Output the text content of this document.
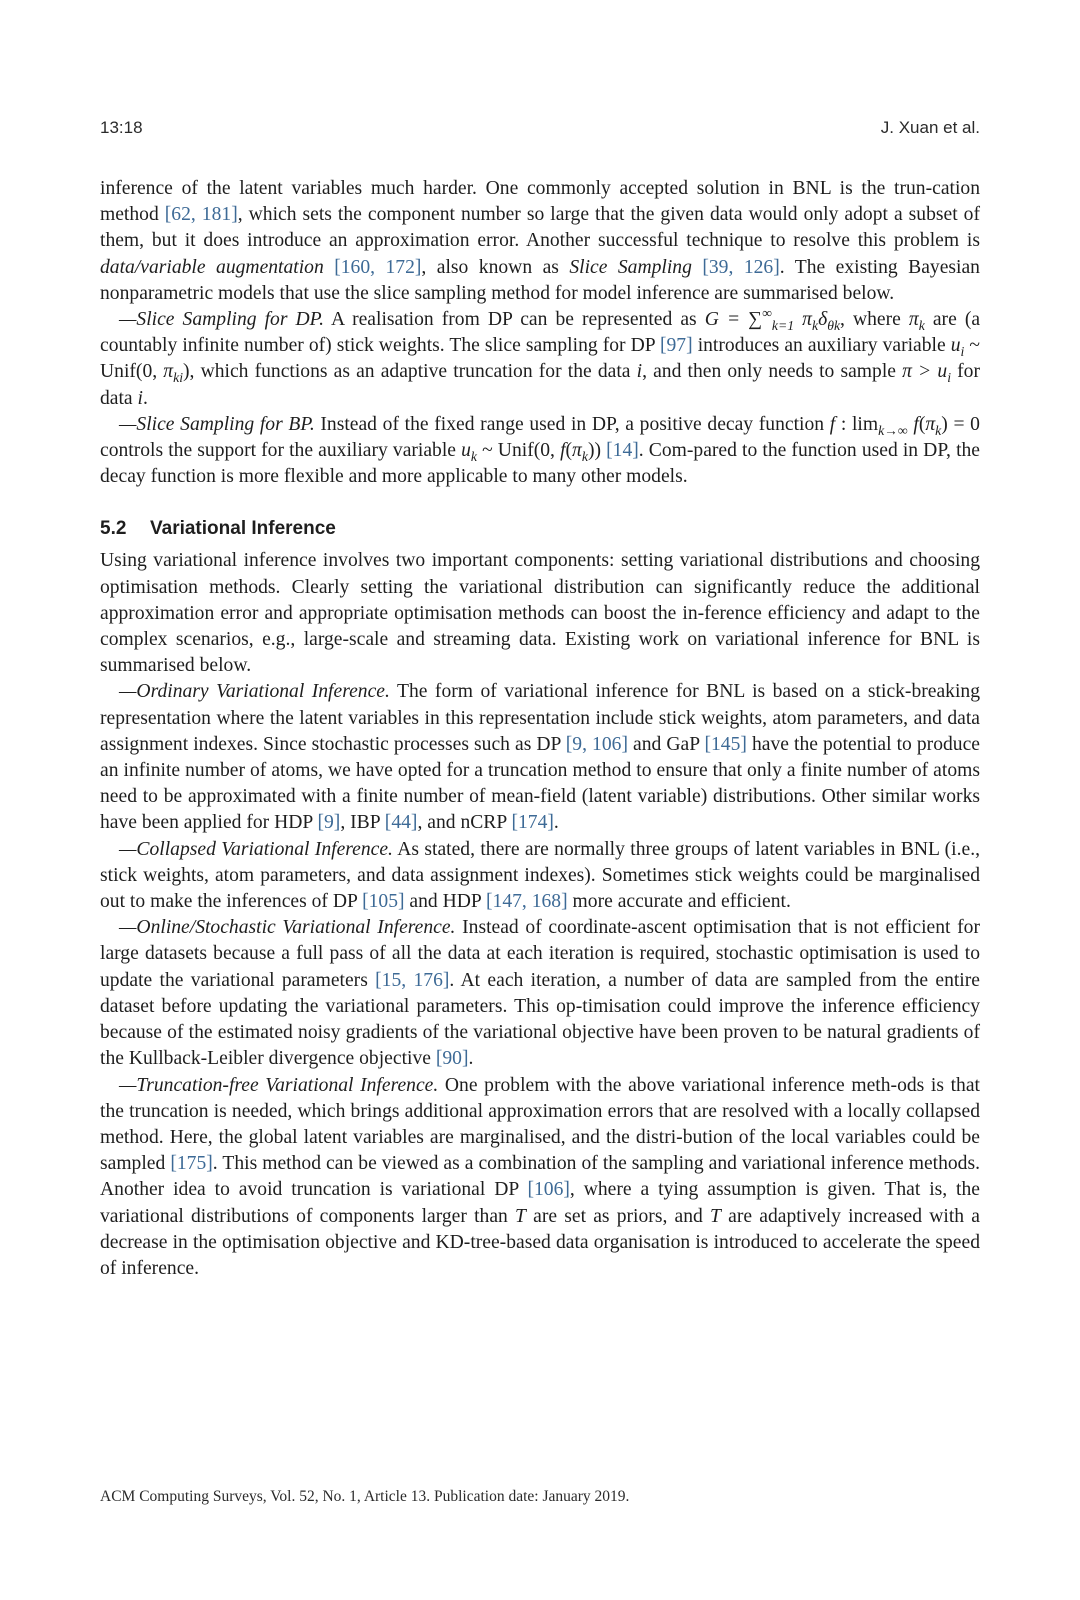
13:18	J. Xuan et al.

inference of the latent variables much harder. One commonly accepted solution in BNL is the trun-cation method [62, 181], which sets the component number so large that the given data would only adopt a subset of them, but it does introduce an approximation error. Another successful technique to resolve this problem is data/variable augmentation [160, 172], also known as Slice Sampling [39, 126]. The existing Bayesian nonparametric models that use the slice sampling method for model inference are summarised below.

—Slice Sampling for DP. A realisation from DP can be represented as $G = \sum^\infty_{k=1}$ $\pi_k\delta_{\theta k}$, where $\pi_k$ are (a countably infinite number of) stick weights. The slice sampling for DP [97] introduces an auxiliary variable $u_i$ ~ Unif(0, $\pi_{ki}$), which functions as an adaptive truncation for the data i, and then only needs to sample $\pi > u_i$ for data i.

—Slice Sampling for BP. Instead of the fixed range used in DP, a positive decay function f : $\lim_{k\to\infty} f(\pi_k) = 0$ controls the support for the auxiliary variable $u_k$ ~ Unif(0, $f(\pi_k)$) [14]. Com-pared to the function used in DP, the decay function is more flexible and more applicable to many other models.

5.2 Variational Inference

Using variational inference involves two important components: setting variational distributions and choosing optimisation methods. Clearly setting the variational distribution can significantly reduce the additional approximation error and appropriate optimisation methods can boost the in-ference efficiency and adapt to the complex scenarios, e.g., large-scale and streaming data. Existing work on variational inference for BNL is summarised below.

—Ordinary Variational Inference. The form of variational inference for BNL is based on a stick-breaking representation where the latent variables in this representation include stick weights, atom parameters, and data assignment indexes. Since stochastic processes such as DP [9, 106] and GaP [145] have the potential to produce an infinite number of atoms, we have opted for a truncation method to ensure that only a finite number of atoms need to be approximated with a finite number of mean-field (latent variable) distributions. Other similar works have been applied for HDP [9], IBP [44], and nCRP [174].

—Collapsed Variational Inference. As stated, there are normally three groups of latent variables in BNL (i.e., stick weights, atom parameters, and data assignment indexes). Sometimes stick weights could be marginalised out to make the inferences of DP [105] and HDP [147, 168] more accurate and efficient.

—Online/Stochastic Variational Inference. Instead of coordinate-ascent optimisation that is not efficient for large datasets because a full pass of all the data at each iteration is required, stochastic optimisation is used to update the variational parameters [15, 176]. At each iteration, a number of data are sampled from the entire dataset before updating the variational parameters. This op-timisation could improve the inference efficiency because of the estimated noisy gradients of the variational objective have been proven to be natural gradients of the Kullback-Leibler divergence objective [90].

—Truncation-free Variational Inference. One problem with the above variational inference meth-ods is that the truncation is needed, which brings additional approximation errors that are resolved with a locally collapsed method. Here, the global latent variables are marginalised, and the distri-bution of the local variables could be sampled [175]. This method can be viewed as a combination of the sampling and variational inference methods. Another idea to avoid truncation is variational DP [106], where a tying assumption is given. That is, the variational distributions of components larger than T are set as priors, and T are adaptively increased with a decrease in the optimisation objective and KD-tree-based data organisation is introduced to accelerate the speed of inference.

ACM Computing Surveys, Vol. 52, No. 1, Article 13. Publication date: January 2019.
